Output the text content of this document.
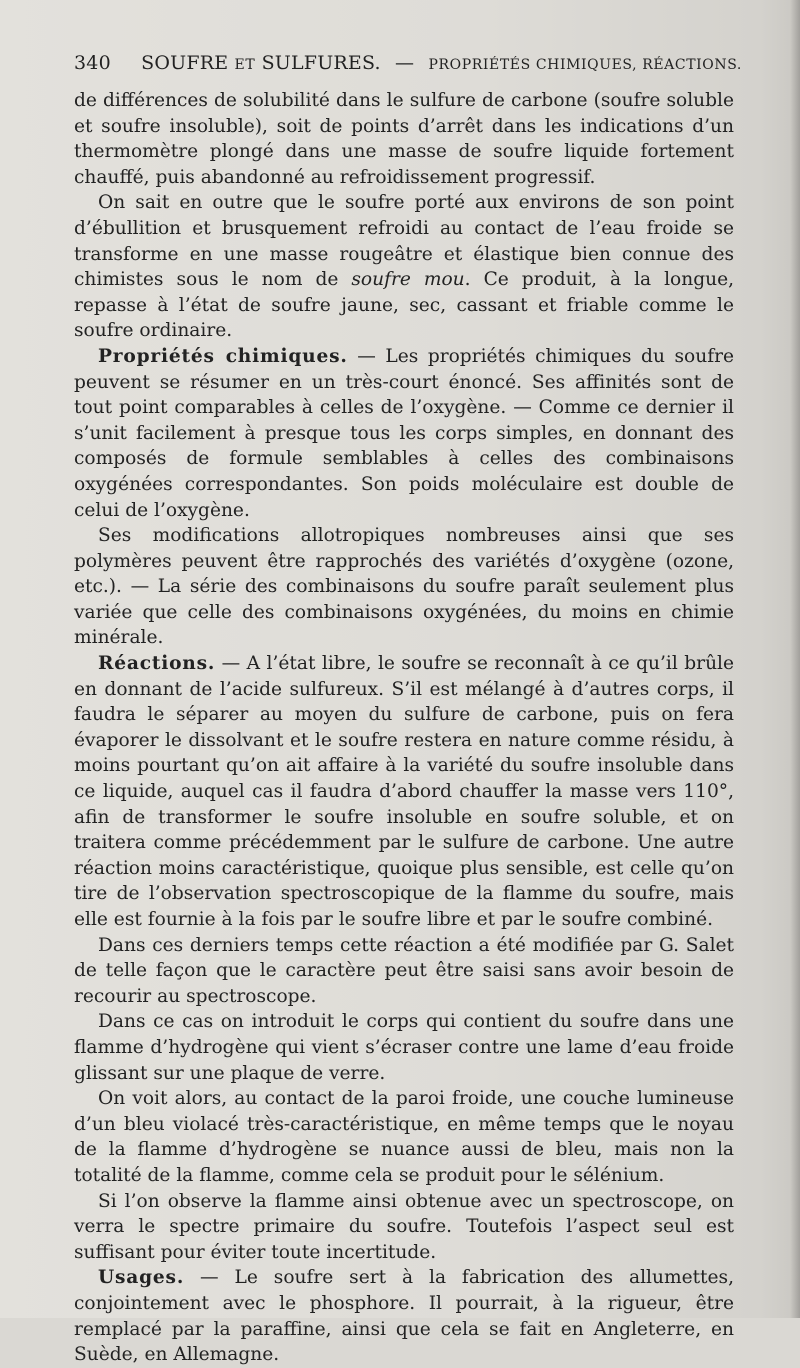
340 SOUFRE ET SULFURES. — PROPRIÉTÉS CHIMIQUES, RÉACTIONS.

de différences de solubilité dans le sulfure de carbone (soufre soluble et soufre insoluble), soit de points d’arrêt dans les indications d’un thermomètre plongé dans une masse de soufre liquide fortement chauffé, puis abandonné au refroidissement progressif.

On sait en outre que le soufre porté aux environs de son point d’ébullition et brusquement refroidi au contact de l’eau froide se transforme en une masse rougeâtre et élastique bien connue des chimistes sous le nom de soufre mou. Ce produit, à la longue, repasse à l’état de soufre jaune, sec, cassant et friable comme le soufre ordinaire.

Propriétés chimiques. — Les propriétés chimiques du soufre peuvent se résumer en un très-court énoncé. Ses affinités sont de tout point comparables à celles de l’oxygène. — Comme ce dernier il s’unit facilement à presque tous les corps simples, en donnant des composés de formule semblables à celles des combinaisons oxygénées correspondantes. Son poids moléculaire est double de celui de l’oxygène.

Ses modifications allotropiques nombreuses ainsi que ses polymères peuvent être rapprochés des variétés d’oxygène (ozone, etc.). — La série des combinaisons du soufre paraît seulement plus variée que celle des combinaisons oxygénées, du moins en chimie minérale.

Réactions. — A l’état libre, le soufre se reconnaît à ce qu’il brûle en donnant de l’acide sulfureux. S’il est mélangé à d’autres corps, il faudra le séparer au moyen du sulfure de carbone, puis on fera évaporer le dissolvant et le soufre restera en nature comme résidu, à moins pourtant qu’on ait affaire à la variété du soufre insoluble dans ce liquide, auquel cas il faudra d’abord chauffer la masse vers 110°, afin de transformer le soufre insoluble en soufre soluble, et on traitera comme précédemment par le sulfure de carbone. Une autre réaction moins caractéristique, quoique plus sensible, est celle qu’on tire de l’observation spectroscopique de la flamme du soufre, mais elle est fournie à la fois par le soufre libre et par le soufre combiné.

Dans ces derniers temps cette réaction a été modifiée par G. Salet de telle façon que le caractère peut être saisi sans avoir besoin de recourir au spectroscope.

Dans ce cas on introduit le corps qui contient du soufre dans une flamme d’hydrogène qui vient s’écraser contre une lame d’eau froide glissant sur une plaque de verre.

On voit alors, au contact de la paroi froide, une couche lumineuse d’un bleu violacé très-caractéristique, en même temps que le noyau de la flamme d’hydrogène se nuance aussi de bleu, mais non la totalité de la flamme, comme cela se produit pour le sélénium.

Si l’on observe la flamme ainsi obtenue avec un spectroscope, on verra le spectre primaire du soufre. Toutefois l’aspect seul est suffisant pour éviter toute incertitude.

Usages. — Le soufre sert à la fabrication des allumettes, conjointement avec le phosphore. Il pourrait, à la rigueur, être remplacé par la paraffine, ainsi que cela se fait en Angleterre, en Suède, en Allemagne.
